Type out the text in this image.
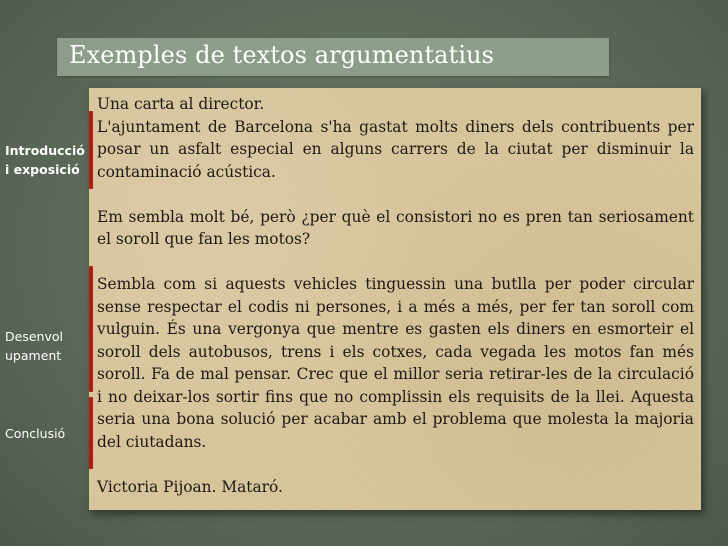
Exemples de textos argumentatius

Una carta al director.

L'ajuntament de Barcelona s'ha gastat molts diners dels contribuents per posar un asfalt especial en alguns carrers de la ciutat per disminuir la contaminació acústica.

Em sembla molt bé, però ¿per què el consistori no es pren tan seriosament el soroll que fan les motos?

Sembla com si aquests vehicles tinguessin una butlla per poder circular sense respectar el codis ni persones, i a més a més, per fer tan soroll com vulguin. És una vergonya que mentre es gasten els diners en esmorteir el soroll dels autobusos, trens i els cotxes, cada vegada les motos fan més soroll. Fa de mal pensar. Crec que el millor seria retirar-les de la circulació i no deixar-los sortir fins que no complissin els requisits de la llei. Aquesta seria una bona solució per acabar amb el problema que molesta la majoria del ciutadans.

Victoria Pijoan. Mataró.

Introducció
i exposició
Desenvol
upament
Conclusió
